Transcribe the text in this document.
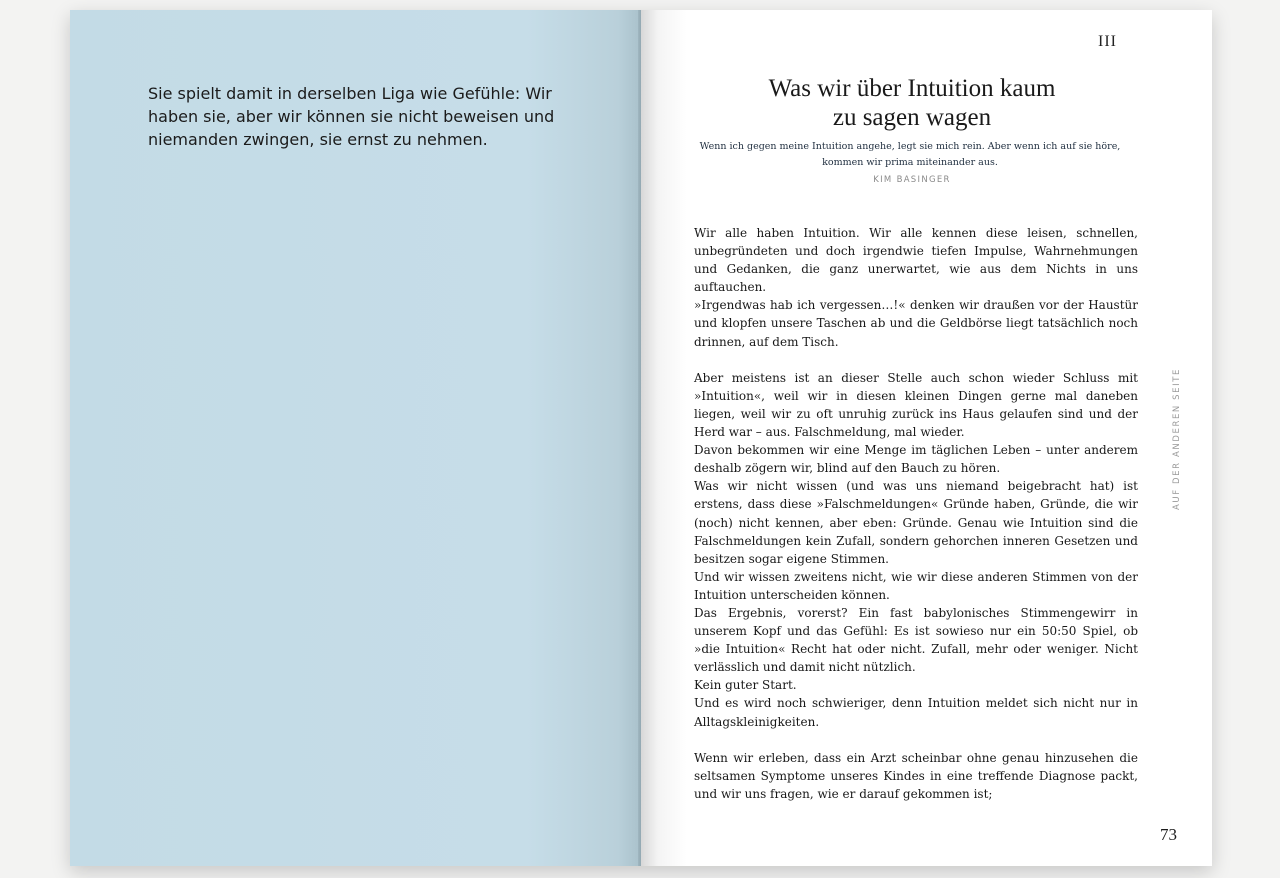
Sie spielt damit in derselben Liga wie Gefühle: Wir haben sie, aber wir können sie nicht beweisen und niemanden zwingen, sie ernst zu nehmen.

III
Was wir über Intuition kaum
zu sagen wagen

Wenn ich gegen meine Intuition angehe, legt sie mich rein. Aber wenn ich auf sie höre,
kommen wir prima miteinander aus.

KIM BASINGER

Wir alle haben Intuition. Wir alle kennen diese leisen, schnellen, unbegründeten und doch irgendwie tiefen Impulse, Wahrnehmungen und Gedanken, die ganz unerwartet, wie aus dem Nichts in uns auftauchen.

»Irgendwas hab ich vergessen…!« denken wir draußen vor der Haustür und klopfen unsere Taschen ab und die Geldbörse liegt tatsächlich noch drinnen, auf dem Tisch.

Aber meistens ist an dieser Stelle auch schon wieder Schluss mit »Intuition«, weil wir in diesen kleinen Dingen gerne mal daneben liegen, weil wir zu oft unruhig zurück ins Haus gelaufen sind und der Herd war – aus. Falschmeldung, mal wieder.

Davon bekommen wir eine Menge im täglichen Leben – unter anderem deshalb zögern wir, blind auf den Bauch zu hören.

Was wir nicht wissen (und was uns niemand beigebracht hat) ist erstens, dass diese »Falschmeldungen« Gründe haben, Gründe, die wir (noch) nicht kennen, aber eben: Gründe. Genau wie Intuition sind die Falschmeldungen kein Zufall, sondern gehorchen inneren Gesetzen und besitzen sogar eigene Stimmen.

Und wir wissen zweitens nicht, wie wir diese anderen Stimmen von der Intuition unterscheiden können.

Das Ergebnis, vorerst? Ein fast babylonisches Stimmengewirr in unserem Kopf und das Gefühl: Es ist sowieso nur ein 50:50 Spiel, ob »die Intuition« Recht hat oder nicht. Zufall, mehr oder weniger. Nicht verlässlich und damit nicht nützlich.

Kein guter Start.

Und es wird noch schwieriger, denn Intuition meldet sich nicht nur in Alltagskleinigkeiten.

Wenn wir erleben, dass ein Arzt scheinbar ohne genau hinzusehen die seltsamen Symptome unseres Kindes in eine treffende Diagnose packt, und wir uns fragen, wie er darauf gekommen ist;

AUF DER ANDEREN SEITE
73
